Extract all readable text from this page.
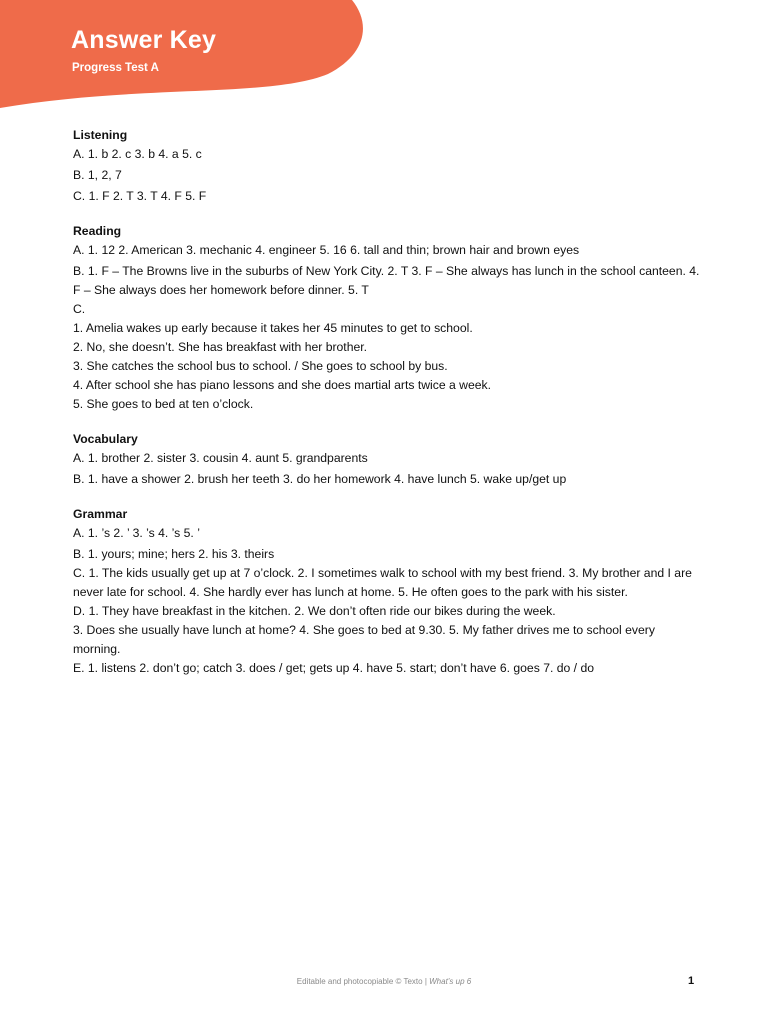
Answer Key
Progress Test A
Listening
A. 1. b 2. c 3. b 4. a 5. c
B. 1, 2, 7
C. 1. F 2. T 3. T 4. F 5. F
Reading
A. 1. 12 2. American 3. mechanic 4. engineer 5. 16 6. tall and thin; brown hair and brown eyes
B. 1. F – The Browns live in the suburbs of New York City. 2. T 3. F – She always has lunch in the school canteen. 4. F – She always does her homework before dinner. 5. T
C.
1. Amelia wakes up early because it takes her 45 minutes to get to school.
2. No, she doesn’t. She has breakfast with her brother.
3. She catches the school bus to school. / She goes to school by bus.
4. After school she has piano lessons and she does martial arts twice a week.
5. She goes to bed at ten o’clock.
Vocabulary
A. 1. brother 2. sister 3. cousin 4. aunt 5. grandparents
B. 1. have a shower 2. brush her teeth 3. do her homework 4. have lunch 5. wake up/get up
Grammar
A. 1. ’s 2. ’ 3. ’s 4. ’s 5. ’
B. 1. yours; mine; hers 2. his 3. theirs
C. 1. The kids usually get up at 7 o’clock. 2. I sometimes walk to school with my best friend. 3. My brother and I are never late for school. 4. She hardly ever has lunch at home. 5. He often goes to the park with his sister.
D. 1. They have breakfast in the kitchen. 2. We don’t often ride our bikes during the week.
3. Does she usually have lunch at home? 4. She goes to bed at 9.30. 5. My father drives me to school every morning.
E. 1. listens 2. don’t go; catch 3. does / get; gets up 4. have 5. start; don’t have 6. goes 7. do / do
Editable and photocopiable © Texto | What’s up 6	1
